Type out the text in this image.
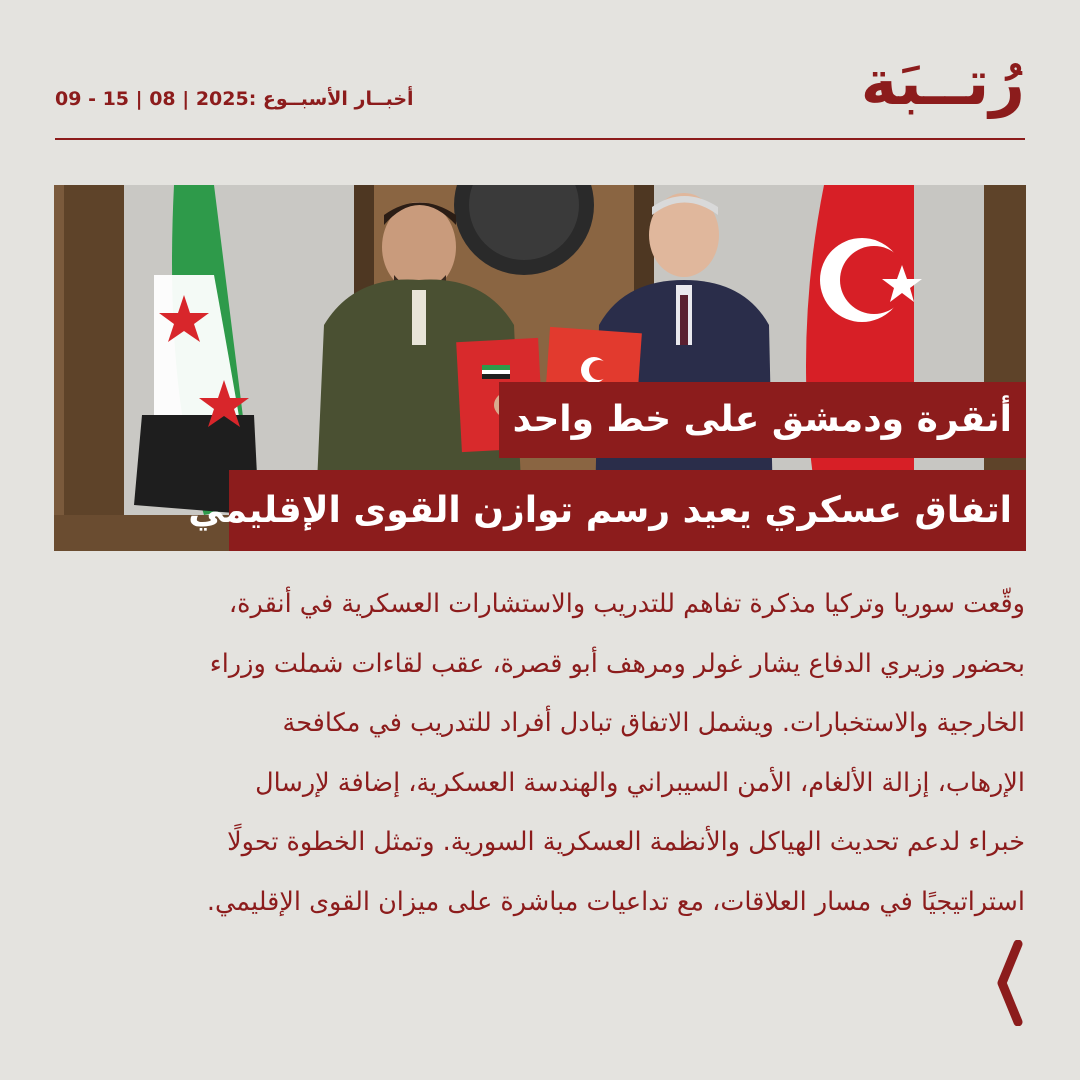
رُتــبَة
أخبــار الأسبــوع :2025 | 08 | 15 - 09
أنقرة ودمشق على خط واحد
اتفاق عسكري يعيد رسم توازن القوى الإقليمي
وقّعت سوريا وتركيا مذكرة تفاهم للتدريب والاستشارات العسكرية في أنقرة،
بحضور وزيري الدفاع يشار غولر ومرهف أبو قصرة، عقب لقاءات شملت وزراء
الخارجية والاستخبارات. ويشمل الاتفاق تبادل أفراد للتدريب في مكافحة
الإرهاب، إزالة الألغام، الأمن السيبراني والهندسة العسكرية، إضافة لإرسال
خبراء لدعم تحديث الهياكل والأنظمة العسكرية السورية. وتمثل الخطوة تحولًا
استراتيجيًا في مسار العلاقات، مع تداعيات مباشرة على ميزان القوى الإقليمي.
